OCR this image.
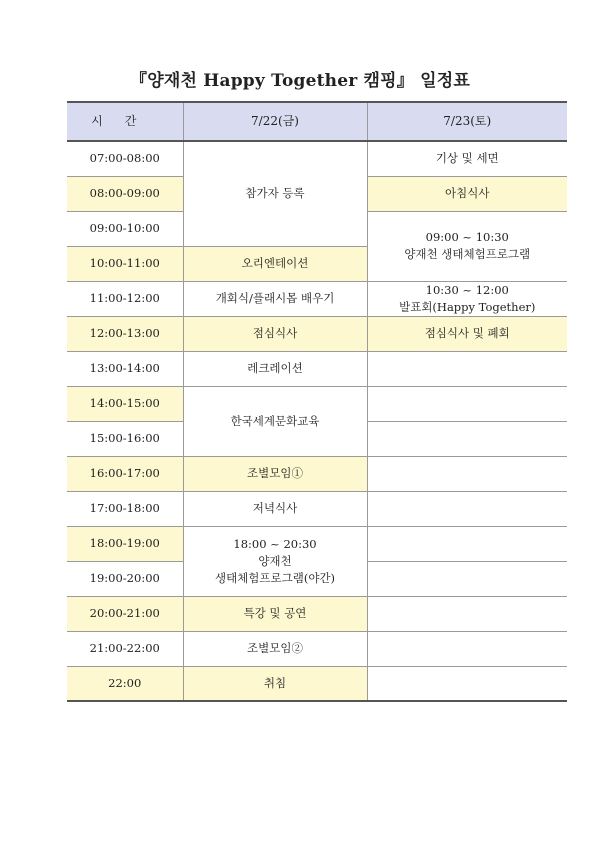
『양재천 Happy Together 캠핑』 일정표
시간	7/22(금)	7/23(토)
07:00-08:00	참가자 등록	기상 및 세면
08:00-09:00		아침식사
09:00-10:00		09:00 ~ 10:30
양재천 생태체험프로그램

10:00-11:00	오리엔테이션	
11:00-12:00	개회식/플래시몹 배우기	10:30 ~ 12:00
발표회(Happy Together)

12:00-13:00	점심식사	점심식사 및 폐회
13:00-14:00	레크레이션	
14:00-15:00	한국세계문화교육	
15:00-16:00		
16:00-17:00	조별모임①	
17:00-18:00	저녁식사	
18:00-19:00	18:00 ~ 20:30
양재천
생태체험프로그램(야간)	

19:00-20:00		
20:00-21:00	특강 및 공연	
21:00-22:00	조별모임②	
22:00	취침	
